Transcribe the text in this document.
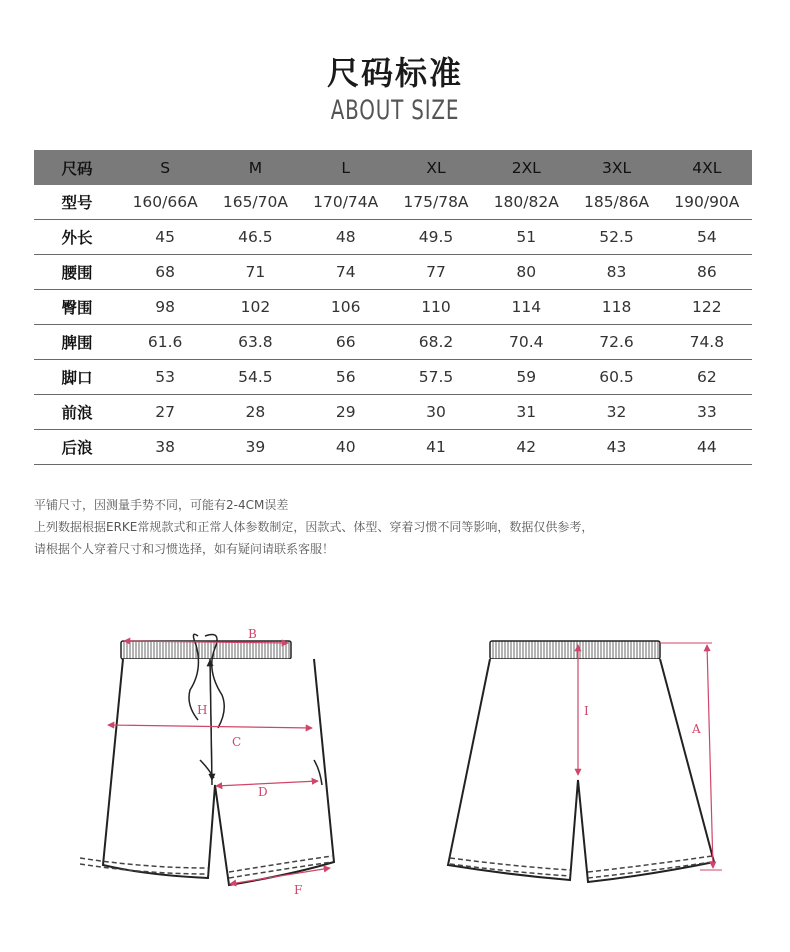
尺码标准
ABOUT SIZE
尺码	S	M	L	XL	2XL	3XL	4XL
型号	160/66A	165/70A	170/74A	175/78A	180/82A	185/86A	190/90A
外长	45	46.5	48	49.5	51	52.5	54
腰围	68	71	74	77	80	83	86
臀围	98	102	106	110	114	118	122
脾围	61.6	63.8	66	68.2	70.4	72.6	74.8
脚口	53	54.5	56	57.5	59	60.5	62
前浪	27	28	29	30	31	32	33
后浪	38	39	40	41	42	43	44
平铺尺寸，因测量手势不同，可能有2-4CM误差
上列数据根据ERKE常规款式和正常人体参数制定，因款式、体型、穿着习惯不同等影响，数据仅供参考，
请根据个人穿着尺寸和习惯选择，如有疑问请联系客服！
B
H
C
D
F
I
A
